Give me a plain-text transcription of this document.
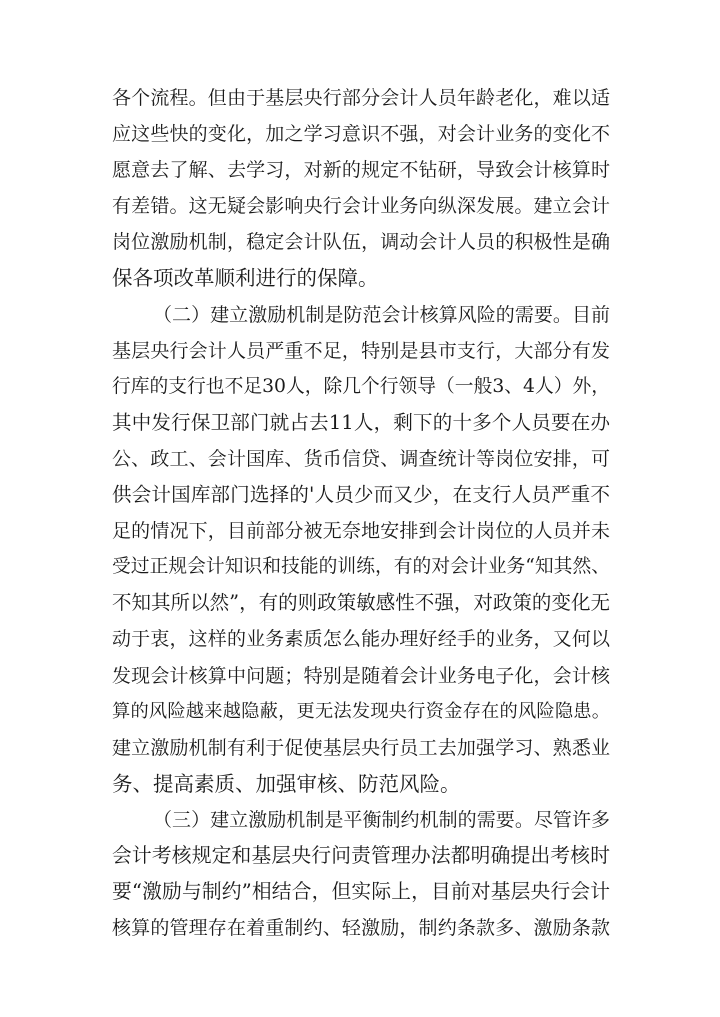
各个流程。但由于基层央行部分会计人员年龄老化，难以适
应这些快的变化，加之学习意识不强，对会计业务的变化不
愿意去了解、去学习，对新的规定不钻研，导致会计核算时
有差错。这无疑会影响央行会计业务向纵深发展。建立会计
岗位激励机制，稳定会计队伍，调动会计人员的积极性是确
保各项改革顺利进行的保障。
（二）建立激励机制是防范会计核算风险的需要。目前
基层央行会计人员严重不足，特别是县市支行，大部分有发
行库的支行也不足30人，除几个行领导（一般3、4人）外，
其中发行保卫部门就占去11人，剩下的十多个人员要在办
公、政工、会计国库、货币信贷、调查统计等岗位安排，可
供会计国库部门选择的'人员少而又少，在支行人员严重不
足的情况下，目前部分被无奈地安排到会计岗位的人员并未
受过正规会计知识和技能的训练，有的对会计业务“知其然、
不知其所以然”，有的则政策敏感性不强，对政策的变化无
动于衷，这样的业务素质怎么能办理好经手的业务，又何以
发现会计核算中问题；特别是随着会计业务电子化，会计核
算的风险越来越隐蔽，更无法发现央行资金存在的风险隐患。
建立激励机制有利于促使基层央行员工去加强学习、熟悉业
务、提高素质、加强审核、防范风险。
（三）建立激励机制是平衡制约机制的需要。尽管许多
会计考核规定和基层央行问责管理办法都明确提出考核时
要“激励与制约”相结合，但实际上，目前对基层央行会计
核算的管理存在着重制约、轻激励，制约条款多、激励条款
